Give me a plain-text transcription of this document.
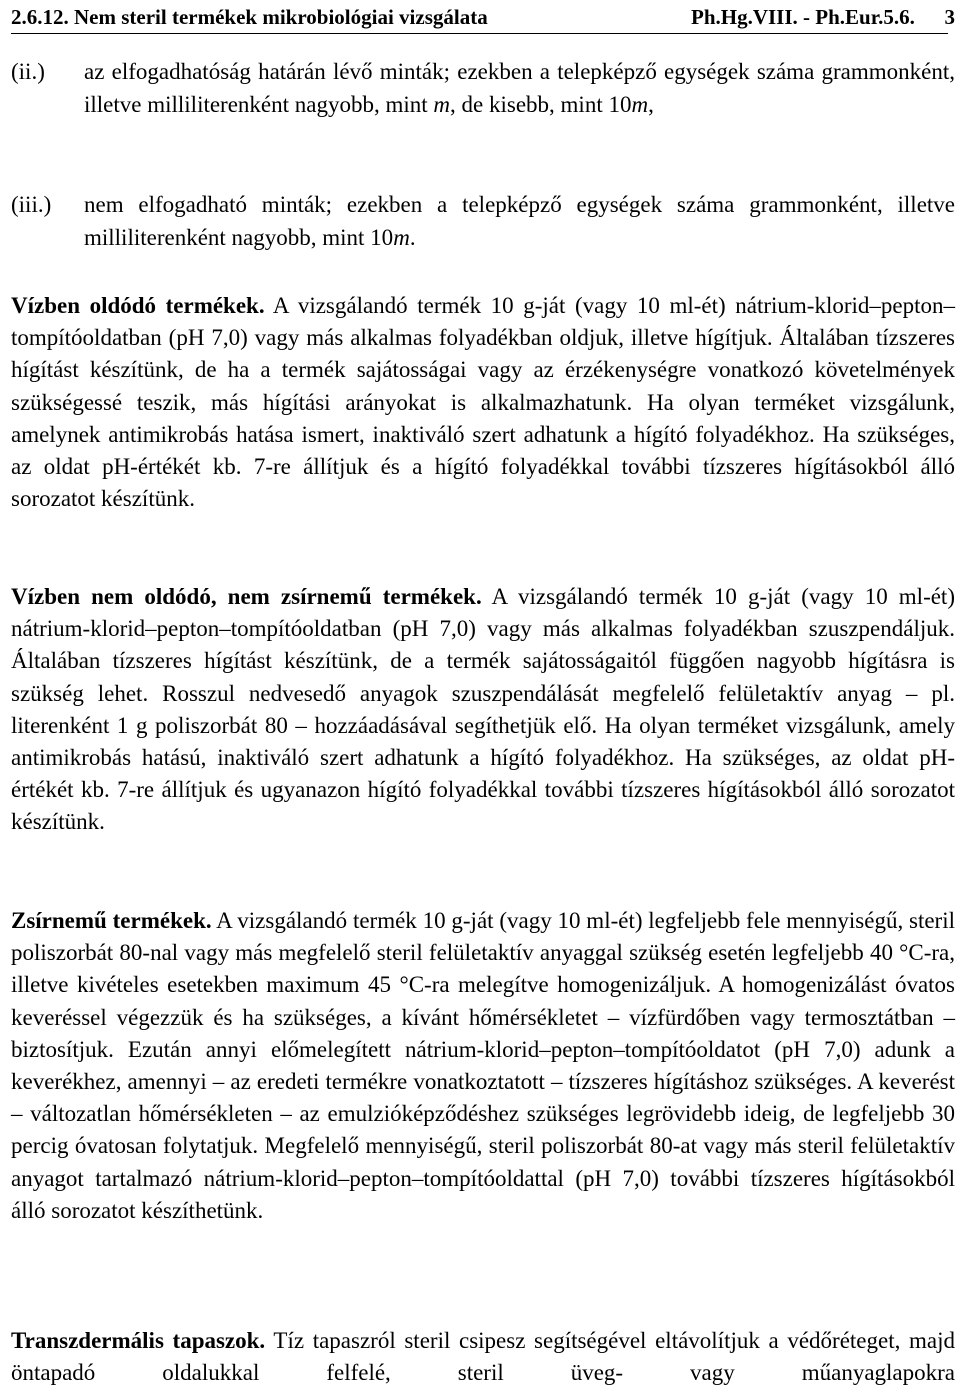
2.6.12. Nem steril termékek mikrobiológiai vizsgálata	Ph.Hg.VIII. - Ph.Eur.5.6. 3
(ii.) az elfogadhatóság határán lévő minták; ezekben a telepképző egységek száma grammonként, illetve milliliterenként nagyobb, mint m, de kisebb, mint 10m,
(iii.) nem elfogadható minták; ezekben a telepképző egységek száma grammonként, illetve milliliterenként nagyobb, mint 10m.
Vízben oldódó termékek. A vizsgálandó termék 10 g-ját (vagy 10 ml-ét) nátrium-klorid–pepton–tompítóoldatban (pH 7,0) vagy más alkalmas folyadékban oldjuk, illetve hígítjuk. Általában tízszeres hígítást készítünk, de ha a termék sajátosságai vagy az érzékenységre vonatkozó követelmények szükségessé teszik, más hígítási arányokat is alkalmazhatunk. Ha olyan terméket vizsgálunk, amelynek antimikrobás hatása ismert, inaktiváló szert adhatunk a hígító folyadékhoz. Ha szükséges, az oldat pH-értékét kb. 7-re állítjuk és a hígító folyadékkal további tízszeres hígításokból álló sorozatot készítünk.
Vízben nem oldódó, nem zsírnemű termékek. A vizsgálandó termék 10 g-ját (vagy 10 ml-ét) nátrium-klorid–pepton–tompítóoldatban (pH 7,0) vagy más alkalmas folyadékban szuszpendáljuk. Általában tízszeres hígítást készítünk, de a termék sajátosságaitól függően nagyobb hígításra is szükség lehet. Rosszul nedvesedő anyagok szuszpendálását megfelelő felületaktív anyag – pl. literenként 1 g poliszorbát 80 – hozzáadásával segíthetjük elő. Ha olyan terméket vizsgálunk, amely antimikrobás hatású, inaktiváló szert adhatunk a hígító folyadékhoz. Ha szükséges, az oldat pH-értékét kb. 7-re állítjuk és ugyanazon hígító folyadékkal további tízszeres hígításokból álló sorozatot készítünk.
Zsírnemű termékek. A vizsgálandó termék 10 g-ját (vagy 10 ml-ét) legfeljebb fele mennyiségű, steril poliszorbát 80-nal vagy más megfelelő steril felületaktív anyaggal szükség esetén legfeljebb 40 °C-ra, illetve kivételes esetekben maximum 45 °C-ra melegítve homogenizáljuk. A homogenizálást óvatos keveréssel végezzük és ha szükséges, a kívánt hőmérsékletet – vízfürdőben vagy termosztátban – biztosítjuk. Ezután annyi előmelegített nátrium-klorid–pepton–tompítóoldatot (pH 7,0) adunk a keverékhez, amennyi – az eredeti termékre vonatkoztatott – tízszeres hígításhoz szükséges. A keverést – változatlan hőmérsékleten – az emulzióképződéshez szükséges legrövidebb ideig, de legfeljebb 30 percig óvatosan folytatjuk. Megfelelő mennyiségű, steril poliszorbát 80-at vagy más steril felületaktív anyagot tartalmazó nátrium-klorid–pepton–tompítóoldattal (pH 7,0) további tízszeres hígításokból álló sorozatot készíthetünk.
Transzdermális tapaszok. Tíz tapaszról steril csipesz segítségével eltávolítjuk a védőréteget, majd öntapadó oldalukkal felfelé, steril üveg- vagy műanyaglapokra
